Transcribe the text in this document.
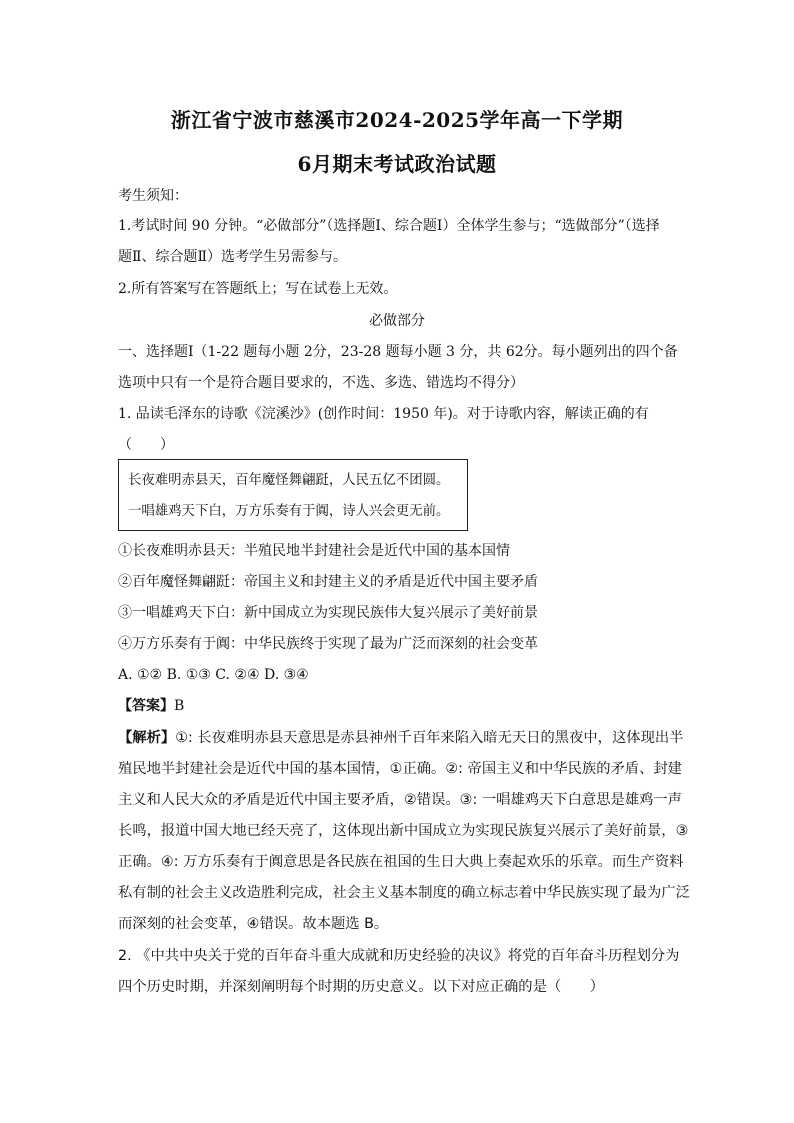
浙江省宁波市慈溪市2024-2025学年高一下学期
6月期末考试政治试题
考生须知：
1.考试时间 90 分钟。“必做部分”（选择题Ⅰ、综合题Ⅰ）全体学生参与；“选做部分”（选择
题Ⅱ、综合题Ⅱ）选考学生另需参与。
2.所有答案写在答题纸上；写在试卷上无效。
必做部分
一、选择题Ⅰ（1-22 题每小题 2分，23-28 题每小题 3 分，共 62分。每小题列出的四个备
选项中只有一个是符合题目要求的，不选、多选、错选均不得分）
1. 品读毛泽东的诗歌《浣溪沙》(创作时间：1950 年)。对于诗歌内容，解读正确的有
（　　）
长夜难明赤县天，百年魔怪舞翩跹，人民五亿不团圆。
一唱雄鸡天下白，万方乐奏有于阗，诗人兴会更无前。
①长夜难明赤县天：半殖民地半封建社会是近代中国的基本国情
②百年魔怪舞翩跹：帝国主义和封建主义的矛盾是近代中国主要矛盾
③一唱雄鸡天下白：新中国成立为实现民族伟大复兴展示了美好前景
④万方乐奏有于阗：中华民族终于实现了最为广泛而深刻的社会变革
A. ①② B. ①③ C. ②④ D. ③④
【答案】B
【解析】①: 长夜难明赤县天意思是赤县神州千百年来陷入暗无天日的黑夜中，这体现出半
殖民地半封建社会是近代中国的基本国情，①正确。②: 帝国主义和中华民族的矛盾、封建
主义和人民大众的矛盾是近代中国主要矛盾，②错误。③: 一唱雄鸡天下白意思是雄鸡一声
长鸣，报道中国大地已经天亮了，这体现出新中国成立为实现民族复兴展示了美好前景，③
正确。④: 万方乐奏有于阗意思是各民族在祖国的生日大典上奏起欢乐的乐章。而生产资料
私有制的社会主义改造胜利完成，社会主义基本制度的确立标志着中华民族实现了最为广泛
而深刻的社会变革，④错误。故本题选 B。
2. 《中共中央关于党的百年奋斗重大成就和历史经验的决议》将党的百年奋斗历程划分为
四个历史时期，并深刻阐明每个时期的历史意义。以下对应正确的是（　　）
